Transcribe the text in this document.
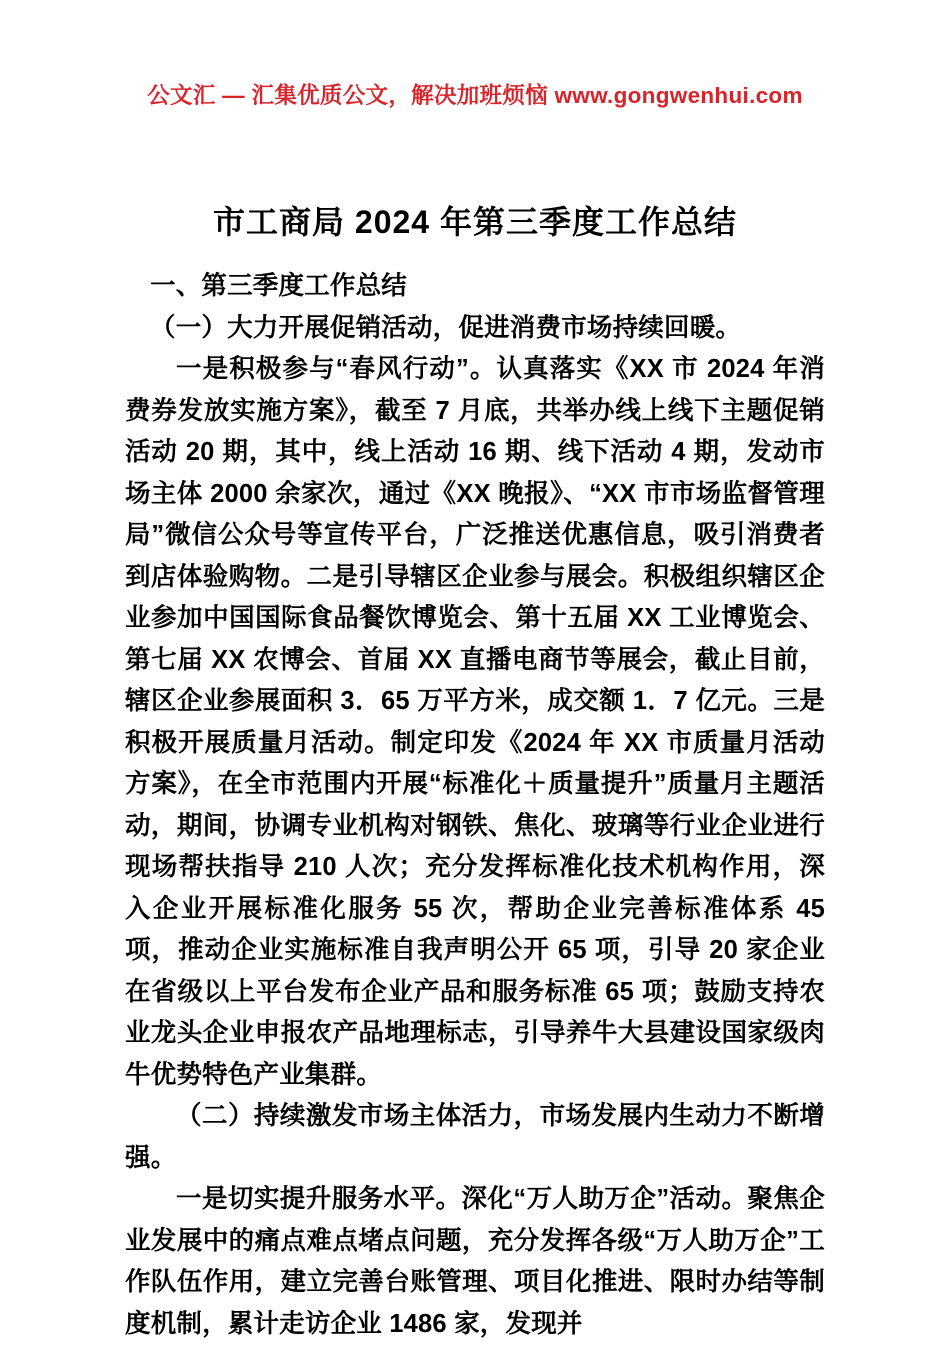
公文汇 — 汇集优质公文，解决加班烦恼 www.gongwenhui.com
市工商局 2024 年第三季度工作总结

一、第三季度工作总结

（一）大力开展促销活动，促进消费市场持续回暖。

一是积极参与“春风行动”。认真落实《XX 市 2024 年消费券发放实施方案》，截至 7 月底，共举办线上线下主题促销活动 20 期，其中，线上活动 16 期、线下活动 4 期，发动市场主体 2000 余家次，通过《XX 晚报》、“XX 市市场监督管理局”微信公众号等宣传平台，广泛推送优惠信息，吸引消费者到店体验购物。二是引导辖区企业参与展会。积极组织辖区企业参加中国国际食品餐饮博览会、第十五届 XX 工业博览会、第七届 XX 农博会、首届 XX 直播电商节等展会，截止目前，辖区企业参展面积 3．65 万平方米，成交额 1．7 亿元。三是积极开展质量月活动。制定印发《2024 年 XX 市质量月活动方案》，在全市范围内开展“标准化＋质量提升”质量月主题活动，期间，协调专业机构对钢铁、焦化、玻璃等行业企业进行现场帮扶指导 210 人次；充分发挥标准化技术机构作用，深入企业开展标准化服务 55 次，帮助企业完善标准体系 45 项，推动企业实施标准自我声明公开 65 项，引导 20 家企业在省级以上平台发布企业产品和服务标准 65 项；鼓励支持农业龙头企业申报农产品地理标志，引导养牛大县建设国家级肉牛优势特色产业集群。

（二）持续激发市场主体活力，市场发展内生动力不断增强。

一是切实提升服务水平。深化“万人助万企”活动。聚焦企业发展中的痛点难点堵点问题，充分发挥各级“万人助万企”工作队伍作用，建立完善台账管理、项目化推进、限时办结等制度机制，累计走访企业 1486 家，发现并
